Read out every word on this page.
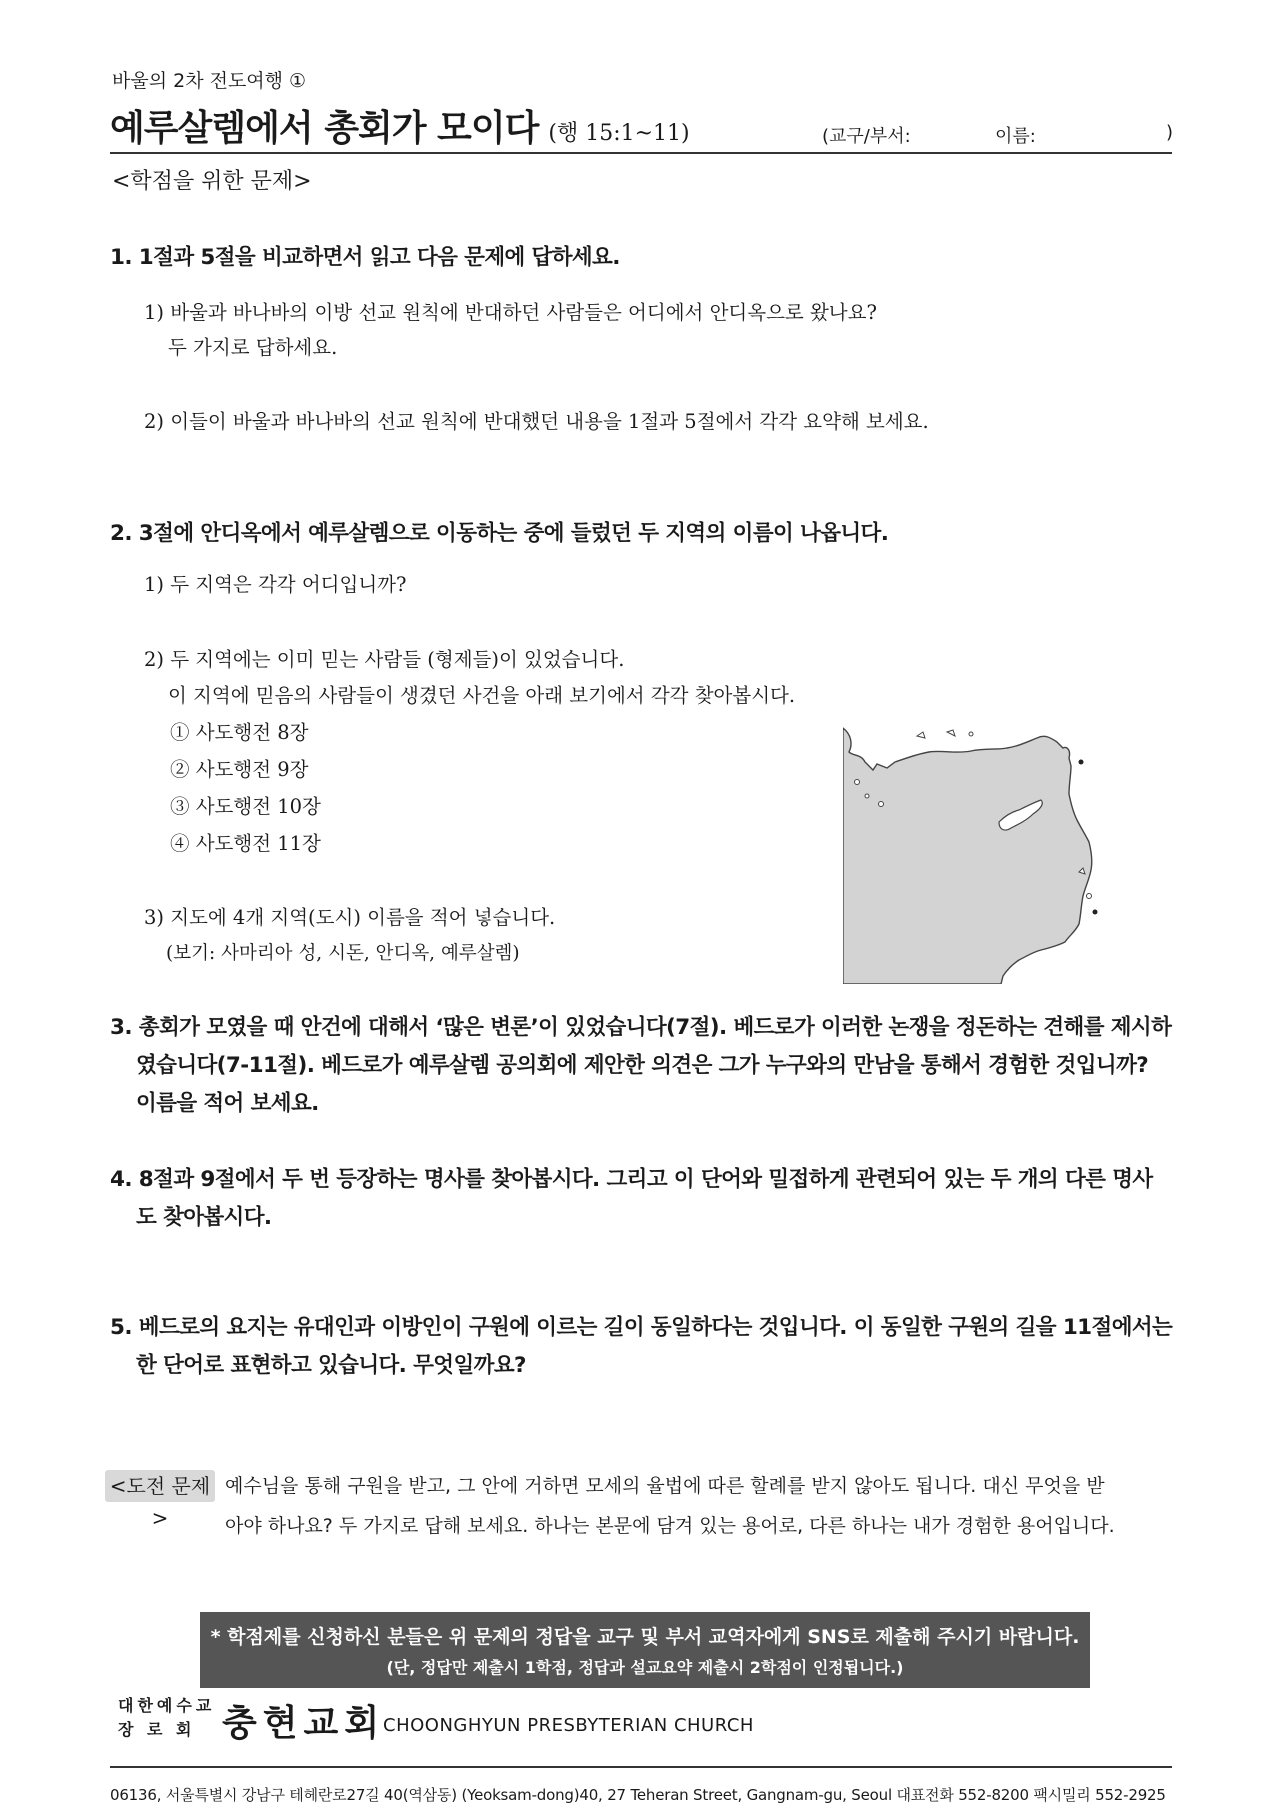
바울의 2차 전도여행 ①
예루살렘에서 총회가 모이다 (행 15:1~11)	(교구/부서:	이름:	)
<학점을 위한 문제>
1. 1절과 5절을 비교하면서 읽고 다음 문제에 답하세요.
1) 바울과 바나바의 이방 선교 원칙에 반대하던 사람들은 어디에서 안디옥으로 왔나요?
두 가지로 답하세요.
2) 이들이 바울과 바나바의 선교 원칙에 반대했던 내용을 1절과 5절에서 각각 요약해 보세요.
2. 3절에 안디옥에서 예루살렘으로 이동하는 중에 들렀던 두 지역의 이름이 나옵니다.
1) 두 지역은 각각 어디입니까?
2) 두 지역에는 이미 믿는 사람들 (형제들)이 있었습니다.
이 지역에 믿음의 사람들이 생겼던 사건을 아래 보기에서 각각 찾아봅시다.
① 사도행전 8장
② 사도행전 9장
③ 사도행전 10장
④ 사도행전 11장
3) 지도에 4개 지역(도시) 이름을 적어 넣습니다.
(보기: 사마리아 성, 시돈, 안디옥, 예루살렘)
3. 총회가 모였을 때 안건에 대해서 ‘많은 변론’이 있었습니다(7절). 베드로가 이러한 논쟁을 정돈하는 견해를 제시하
였습니다(7-11절). 베드로가 예루살렘 공의회에 제안한 의견은 그가 누구와의 만남을 통해서 경험한 것입니까?
이름을 적어 보세요.
4. 8절과 9절에서 두 번 등장하는 명사를 찾아봅시다. 그리고 이 단어와 밀접하게 관련되어 있는 두 개의 다른 명사
도 찾아봅시다.
5. 베드로의 요지는 유대인과 이방인이 구원에 이르는 길이 동일하다는 것입니다. 이 동일한 구원의 길을 11절에서는
한 단어로 표현하고 있습니다. 무엇일까요?
<도전 문제>
예수님을 통해 구원을 받고, 그 안에 거하면 모세의 율법에 따른 할례를 받지 않아도 됩니다. 대신 무엇을 받
아야 하나요? 두 가지로 답해 보세요. 하나는 본문에 담겨 있는 용어로, 다른 하나는 내가 경험한 용어입니다.
* 학점제를 신청하신 분들은 위 문제의 정답을 교구 및 부서 교역자에게 SNS로 제출해 주시기 바랍니다.
(단, 정답만 제출시 1학점, 정답과 설교요약 제출시 2학점이 인정됩니다.)
대한예수교
장 로 회 충현교회
CHOONGHYUN PRESBYTERIAN CHURCH
06136, 서울특별시 강남구 테헤란로27길 40(역삼동) (Yeoksam-dong)40, 27 Teheran Street, Gangnam-gu, Seoul 대표전화 552-8200 팩시밀리 552-2925
